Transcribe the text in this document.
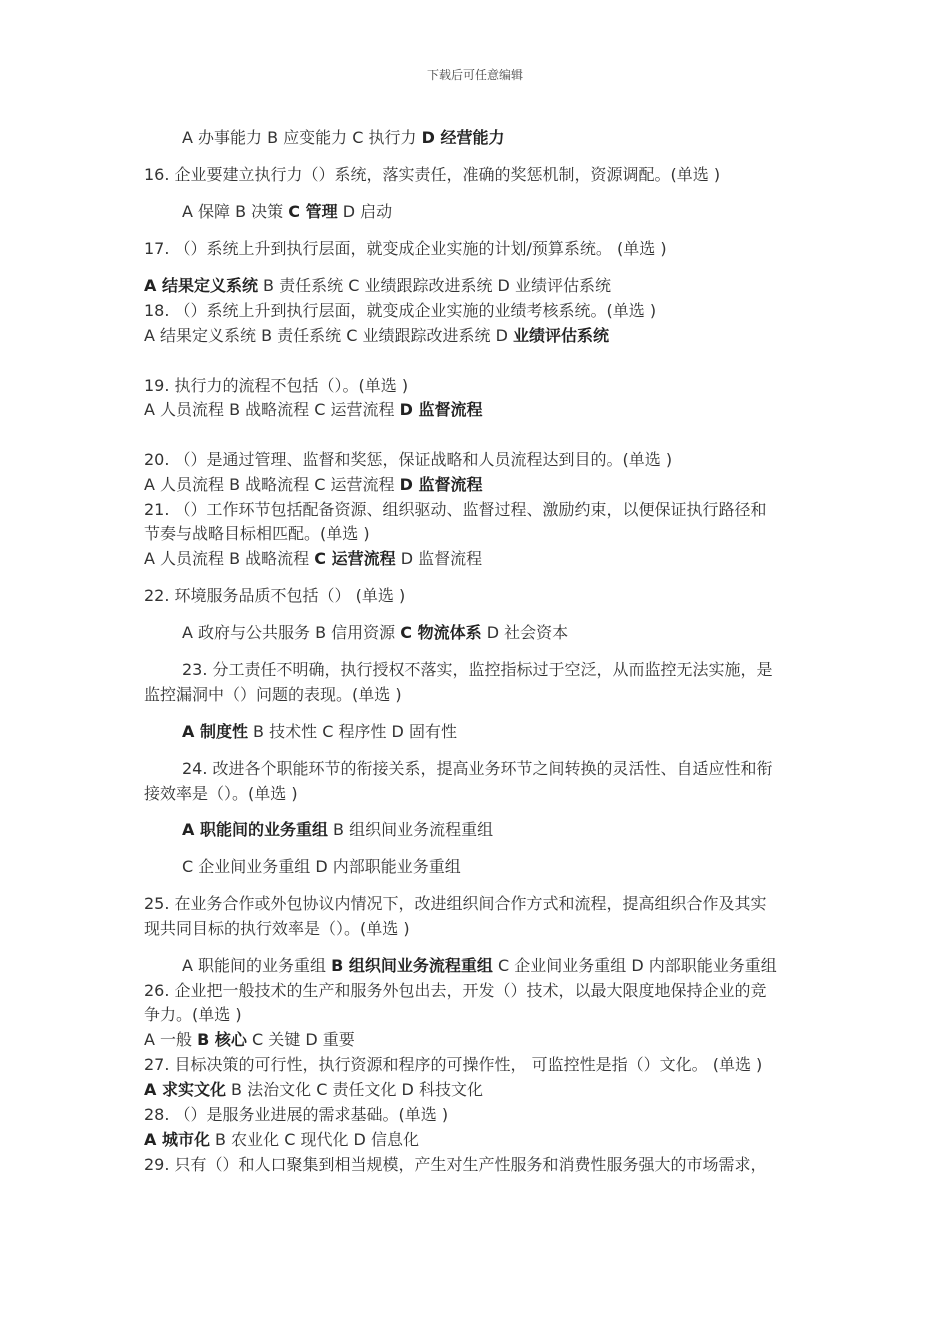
下载后可任意编辑
A 办事能力 B 应变能力 C 执行力 D 经营能力
16. 企业要建立执行力（）系统，落实责任，准确的奖惩机制，资源调配。(单选 )
A 保障 B 决策 C 管理 D 启动
17. （）系统上升到执行层面，就变成企业实施的计划/预算系统。 (单选 )
A 结果定义系统 B 责任系统 C 业绩跟踪改进系统 D 业绩评估系统
18. （）系统上升到执行层面，就变成企业实施的业绩考核系统。(单选 )
A 结果定义系统 B 责任系统 C 业绩跟踪改进系统 D 业绩评估系统
19. 执行力的流程不包括（）。(单选 )
A 人员流程 B 战略流程 C 运营流程 D 监督流程
20. （）是通过管理、监督和奖惩，保证战略和人员流程达到目的。(单选 )
A 人员流程 B 战略流程 C 运营流程 D 监督流程
21. （）工作环节包括配备资源、组织驱动、监督过程、激励约束，以便保证执行路径和
节奏与战略目标相匹配。(单选 )
A 人员流程 B 战略流程 C 运营流程 D 监督流程
22. 环境服务品质不包括（） (单选 )
A 政府与公共服务 B 信用资源 C 物流体系 D 社会资本
23. 分工责任不明确，执行授权不落实，监控指标过于空泛，从而监控无法实施，是
监控漏洞中（）问题的表现。(单选 )
A 制度性 B 技术性 C 程序性 D 固有性
24. 改进各个职能环节的衔接关系，提高业务环节之间转换的灵活性、自适应性和衔
接效率是（）。(单选 )
A 职能间的业务重组 B 组织间业务流程重组
C 企业间业务重组 D 内部职能业务重组
25. 在业务合作或外包协议内情况下，改进组织间合作方式和流程，提高组织合作及其实
现共同目标的执行效率是（）。(单选 )
A 职能间的业务重组 B 组织间业务流程重组 C 企业间业务重组 D 内部职能业务重组
26. 企业把一般技术的生产和服务外包出去，开发（）技术，以最大限度地保持企业的竞
争力。(单选 )
A 一般 B 核心 C 关键 D 重要
27. 目标决策的可行性，执行资源和程序的可操作性， 可监控性是指（）文化。 (单选 )
A 求实文化 B 法治文化 C 责任文化 D 科技文化
28. （）是服务业进展的需求基础。(单选 )
A 城市化 B 农业化 C 现代化 D 信息化
29. 只有（）和人口聚集到相当规模，产生对生产性服务和消费性服务强大的市场需求，
